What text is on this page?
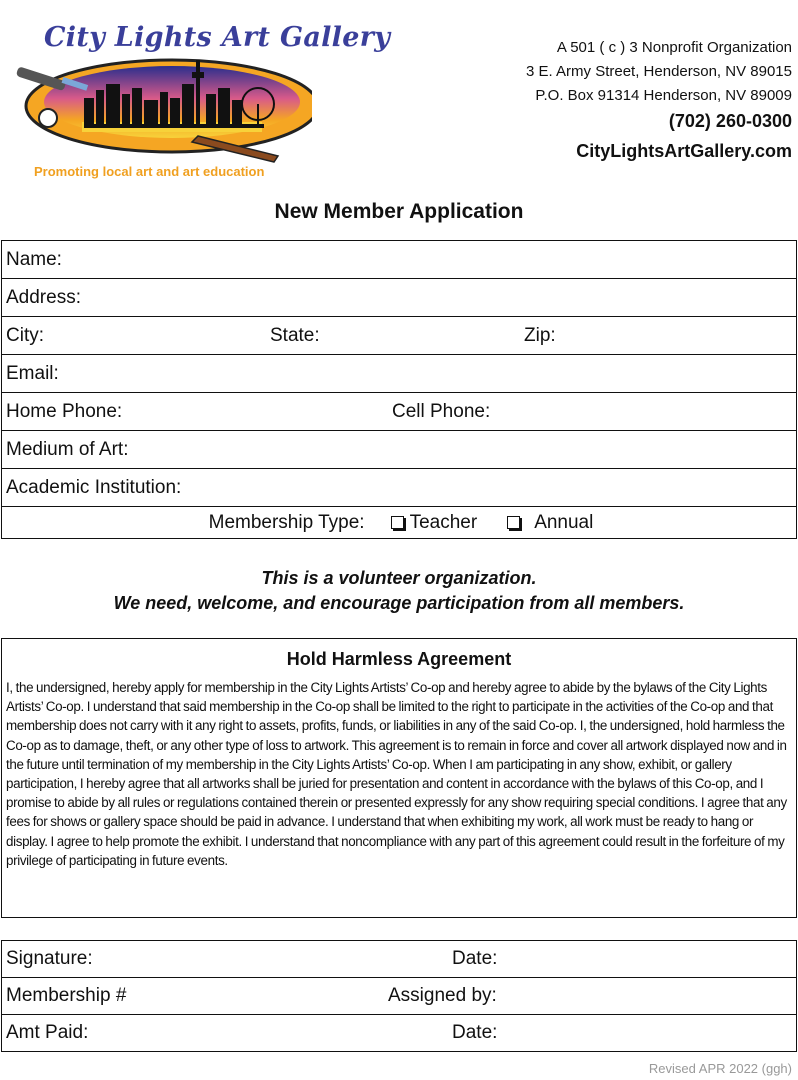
City Lights Art Gallery
Promoting local art and art education
A 501 ( c ) 3 Nonprofit Organization
3 E. Army Street, Henderson, NV 89015
P.O. Box 91314 Henderson, NV 89009
(702) 260-0300
CityLightsArtGallery.com
New Member Application
Name:
Address:

City:	State:	Zip:

Email:

Home Phone:	Cell Phone:

Medium of Art:
Academic Institution:

Membership Type:	Teacher	Annual
This is a volunteer organization.
We need, welcome, and encourage participation from all members.
Hold Harmless Agreement

I, the undersigned, hereby apply for membership in the City Lights Artists’ Co-op and hereby agree to abide by the bylaws of the City Lights Artists’ Co-op. I understand that said membership in the Co-op shall be limited to the right to participate in the activities of the Co-op and that membership does not carry with it any right to assets, profits, funds, or liabilities in any of the said Co-op. I, the undersigned, hold harmless the Co-op as to damage, theft, or any other type of loss to artwork. This agreement is to remain in force and cover all artwork displayed now and in the future until termination of my membership in the City Lights Artists’ Co-op. When I am participating in any show, exhibit, or gallery participation, I hereby agree that all artworks shall be juried for presentation and content in accordance with the bylaws of this Co-op, and I promise to abide by all rules or regulations contained therein or presented expressly for any show requiring special conditions. I agree that any fees for shows or gallery space should be paid in advance. I understand that when exhibiting my work, all work must be ready to hang or display. I agree to help promote the exhibit. I understand that noncompliance with any part of this agreement could result in the forfeiture of my privilege of participating in future events.

Signature:	Date:

Membership #	Assigned by:

Amt Paid:	Date:
Revised APR 2022 (ggh)
